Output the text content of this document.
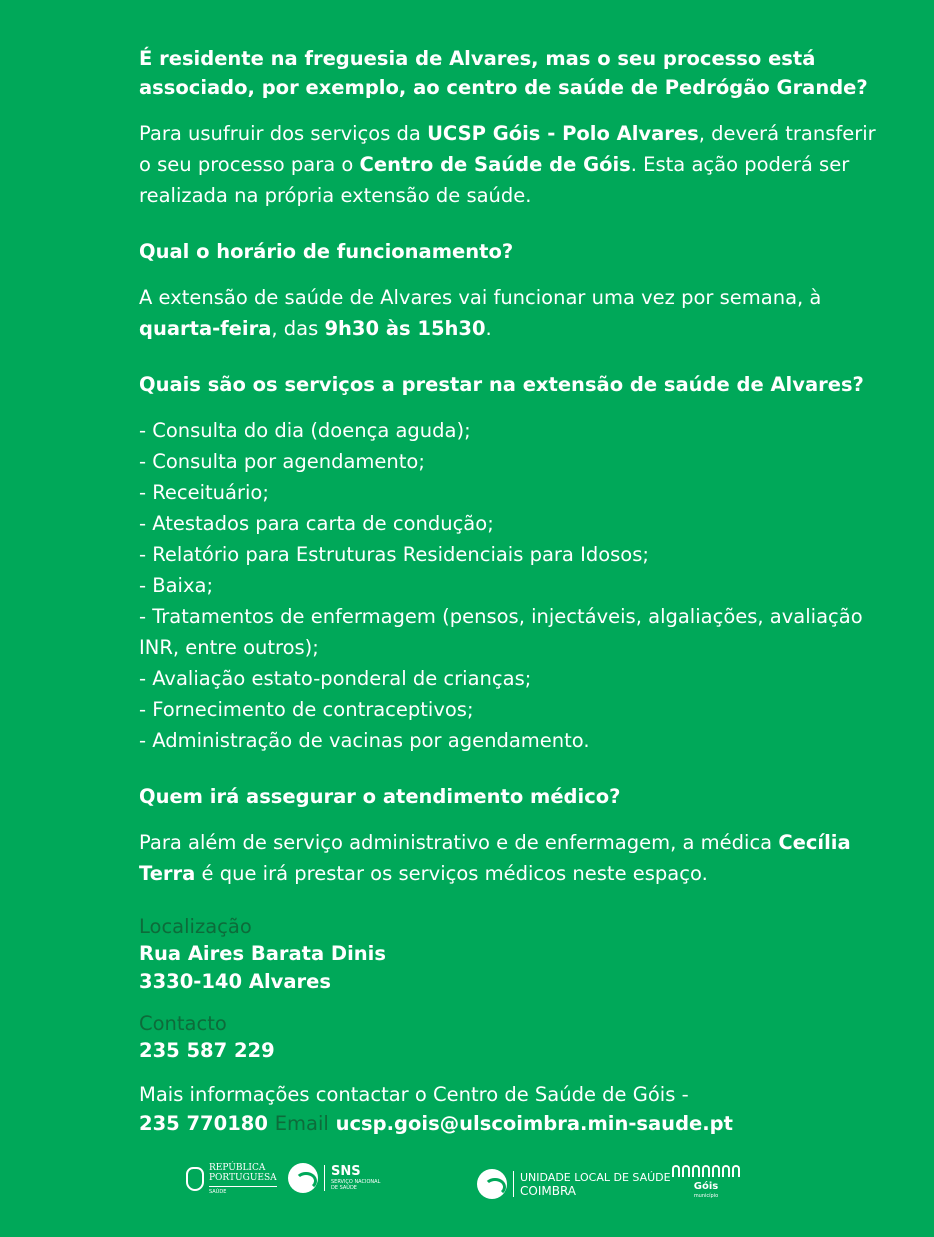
É residente na freguesia de Alvares, mas o seu processo está associado, por exemplo, ao centro de saúde de Pedrógão Grande?

Para usufruir dos serviços da UCSP Góis - Polo Alvares, deverá transferir o seu processo para o Centro de Saúde de Góis. Esta ação poderá ser realizada na própria extensão de saúde.

Qual o horário de funcionamento?

A extensão de saúde de Alvares vai funcionar uma vez por semana, à quarta-feira, das 9h30 às 15h30.

Quais são os serviços a prestar na extensão de saúde de Alvares?
- Consulta do dia (doença aguda);
- Consulta por agendamento;
- Receituário;
- Atestados para carta de condução;
- Relatório para Estruturas Residenciais para Idosos;
- Baixa;
- Tratamentos de enfermagem (pensos, injectáveis, algaliações, avaliação INR, entre outros);
- Avaliação estato-ponderal de crianças;
- Fornecimento de contraceptivos;
- Administração de vacinas por agendamento.
Quem irá assegurar o atendimento médico?

Para além de serviço administrativo e de enfermagem, a médica Cecília Terra é que irá prestar os serviços médicos neste espaço.

Localização
Rua Aires Barata Dinis
3330-140 Alvares
Contacto
235 587 229
Mais informações contactar o Centro de Saúde de Góis -
235 770180 Email ucsp.gois@ulscoimbra.min-saude.pt
REPÚBLICA
PORTUGUESA
SAÚDE
SNS
SERVIÇO NACIONAL
DE SAÚDE
UNIDADE LOCAL DE SAÚDE
COIMBRA	Góis
município
